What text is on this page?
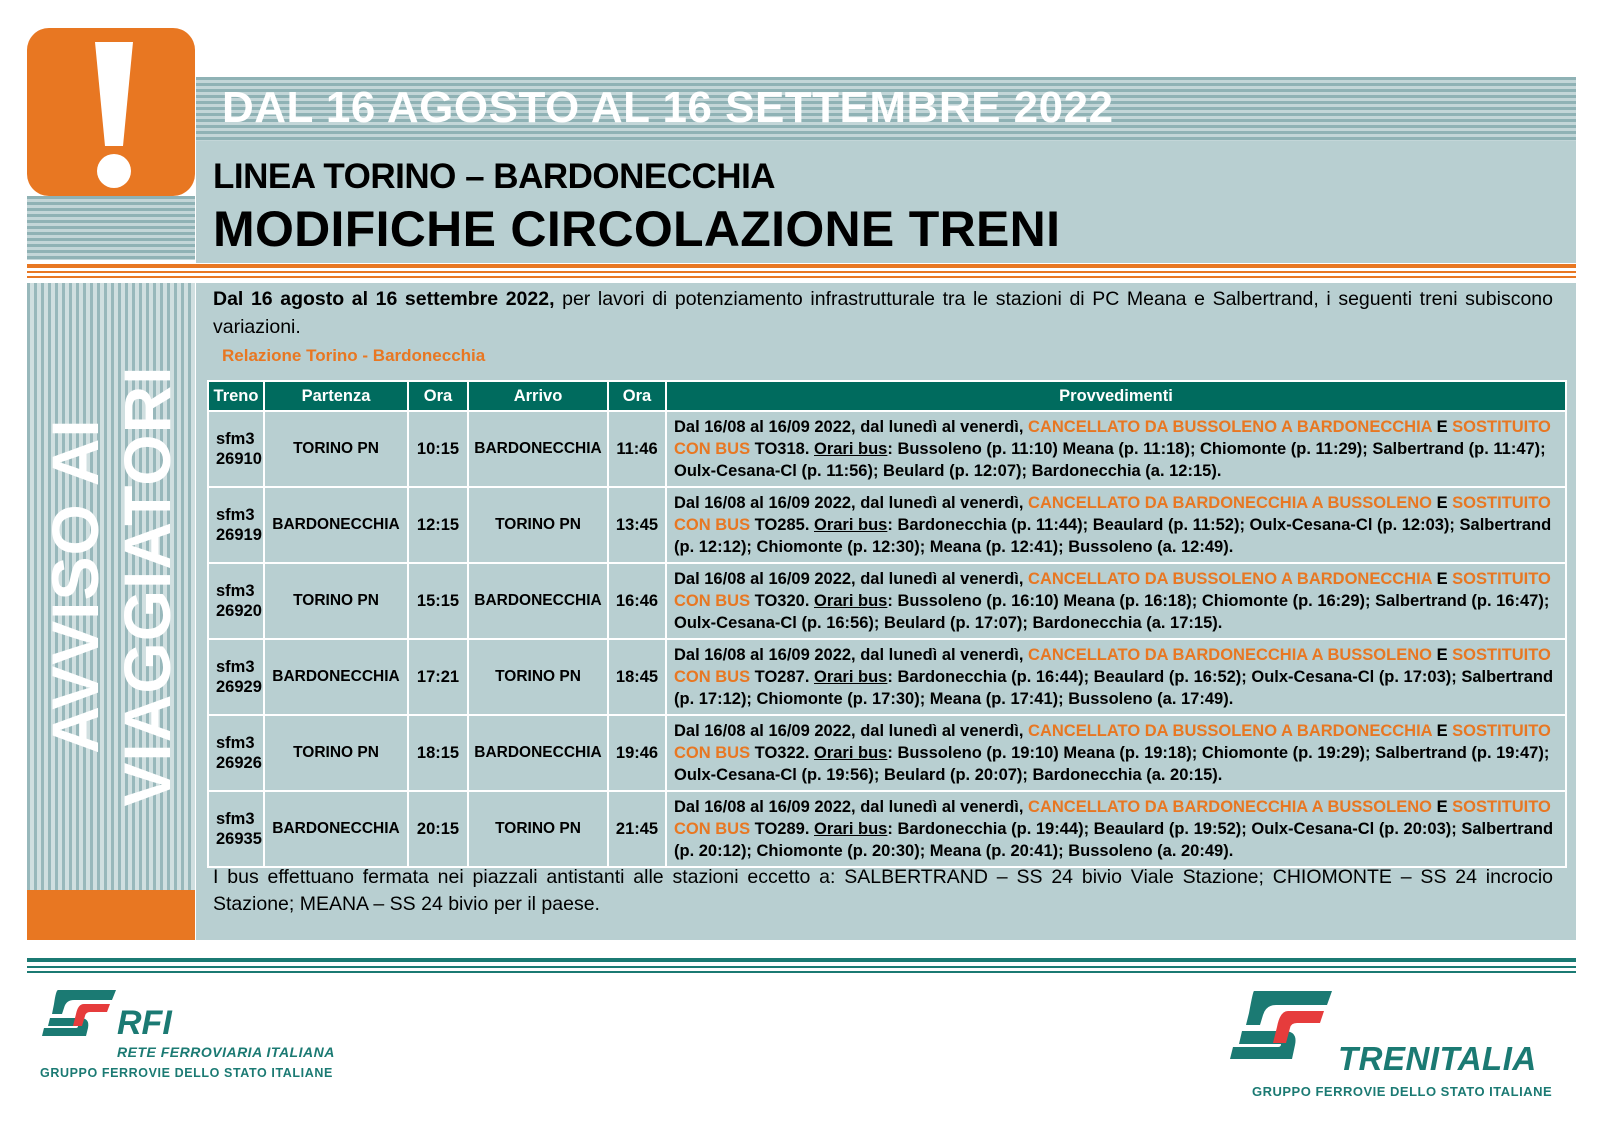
AVVISO AI
VIAGGIATORI
DAL 16 AGOSTO AL 16 SETTEMBRE 2022
LINEA TORINO – BARDONECCHIA
MODIFICHE CIRCOLAZIONE TRENI

Dal 16 agosto al 16 settembre 2022, per lavori di potenziamento infrastrutturale tra le stazioni di PC Meana e Salbertrand, i seguenti treni subiscono variazioni.

Relazione Torino - Bardonecchia
Treno	Partenza	Ora	Arrivo	Ora	Provvedimenti

sfm3
26910	TORINO PN	10:15	BARDONECCHIA	11:46	Dal 16/08 al 16/09 2022, dal lunedì al venerdì, CANCELLATO DA BUSSOLENO A BARDONECCHIA E SOSTITUITO CON BUS TO318. Orari bus: Bussoleno (p. 11:10) Meana (p. 11:18); Chiomonte (p. 11:29); Salbertrand (p. 11:47); Oulx-Cesana-Cl (p. 11:56); Beulard (p. 12:07); Bardonecchia (a. 12:15).

sfm3
26919	BARDONECCHIA	12:15	TORINO PN	13:45	Dal 16/08 al 16/09 2022, dal lunedì al venerdì, CANCELLATO DA BARDONECCHIA A BUSSOLENO E SOSTITUITO CON BUS TO285. Orari bus: Bardonecchia (p. 11:44); Beaulard (p. 11:52); Oulx-Cesana-Cl (p. 12:03); Salbertrand (p. 12:12); Chiomonte (p. 12:30); Meana (p. 12:41); Bussoleno (a. 12:49).

sfm3
26920	TORINO PN	15:15	BARDONECCHIA	16:46	Dal 16/08 al 16/09 2022, dal lunedì al venerdì, CANCELLATO DA BUSSOLENO A BARDONECCHIA E SOSTITUITO CON BUS TO320. Orari bus: Bussoleno (p. 16:10) Meana (p. 16:18); Chiomonte (p. 16:29); Salbertrand (p. 16:47); Oulx-Cesana-Cl (p. 16:56); Beulard (p. 17:07); Bardonecchia (a. 17:15).

sfm3
26929	BARDONECCHIA	17:21	TORINO PN	18:45	Dal 16/08 al 16/09 2022, dal lunedì al venerdì, CANCELLATO DA BARDONECCHIA A BUSSOLENO E SOSTITUITO CON BUS TO287. Orari bus: Bardonecchia (p. 16:44); Beaulard (p. 16:52); Oulx-Cesana-Cl (p. 17:03); Salbertrand (p. 17:12); Chiomonte (p. 17:30); Meana (p. 17:41); Bussoleno (a. 17:49).

sfm3
26926	TORINO PN	18:15	BARDONECCHIA	19:46	Dal 16/08 al 16/09 2022, dal lunedì al venerdì, CANCELLATO DA BUSSOLENO A BARDONECCHIA E SOSTITUITO CON BUS TO322. Orari bus: Bussoleno (p. 19:10) Meana (p. 19:18); Chiomonte (p. 19:29); Salbertrand (p. 19:47); Oulx-Cesana-Cl (p. 19:56); Beulard (p. 20:07); Bardonecchia (a. 20:15).

sfm3
26935	BARDONECCHIA	20:15	TORINO PN	21:45	Dal 16/08 al 16/09 2022, dal lunedì al venerdì, CANCELLATO DA BARDONECCHIA A BUSSOLENO E SOSTITUITO CON BUS TO289. Orari bus: Bardonecchia (p. 19:44); Beaulard (p. 19:52); Oulx-Cesana-Cl (p. 20:03); Salbertrand (p. 20:12); Chiomonte (p. 20:30); Meana (p. 20:41); Bussoleno (a. 20:49).

I bus effettuano fermata nei piazzali antistanti alle stazioni eccetto a: SALBERTRAND – SS 24 bivio Viale Stazione; CHIOMONTE – SS 24 incrocio Stazione; MEANA – SS 24 bivio per il paese.

RFI
RETE FERROVIARIA ITALIANA
GRUPPO FERROVIE DELLO STATO ITALIANE	TRENITALIA
GRUPPO FERROVIE DELLO STATO ITALIANE
